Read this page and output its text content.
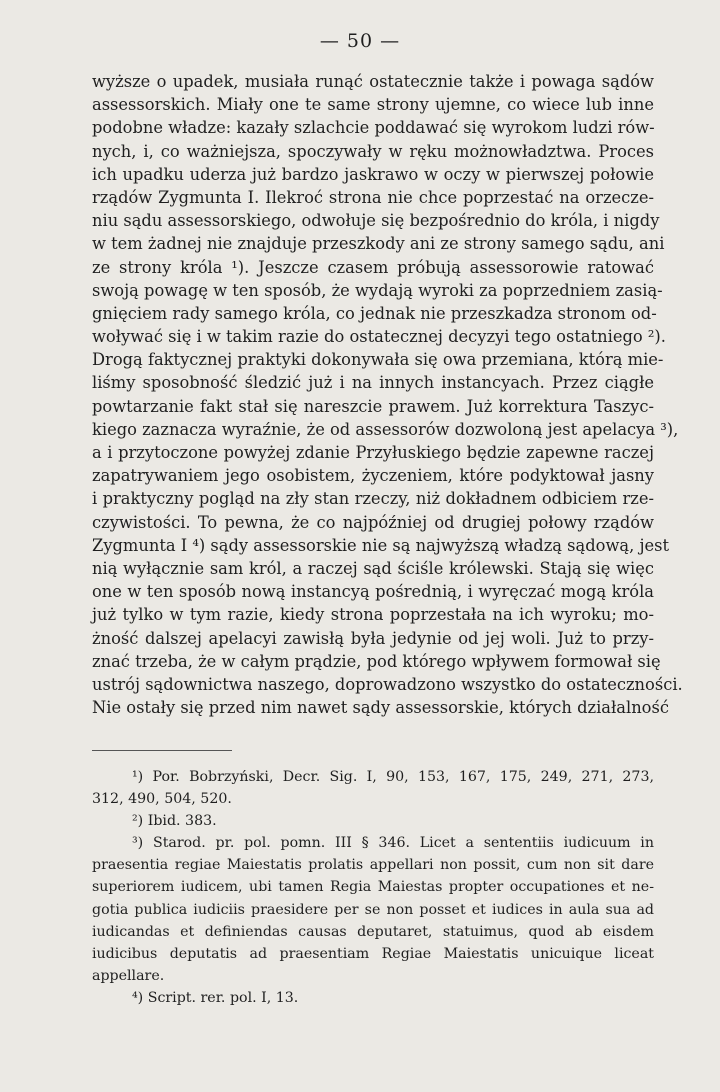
— 50 —
wyższe o upadek, musiała runąć ostatecznie także i powaga sądów
assessorskich. Miały one te same strony ujemne, co wiece lub inne
podobne władze: kazały szlachcie poddawać się wyrokom ludzi rów-
nych, i, co ważniejsza, spoczywały w ręku możnowładztwa. Proces
ich upadku uderza już bardzo jaskrawo w oczy w pierwszej połowie
rządów Zygmunta I. Ilekroć strona nie chce poprzestać na orzecze-
niu sądu assessorskiego, odwołuje się bezpośrednio do króla, i nigdy
w tem żadnej nie znajduje przeszkody ani ze strony samego sądu, ani
ze strony króla ¹). Jeszcze czasem próbują assessorowie ratować
swoją powagę w ten sposób, że wydają wyroki za poprzedniem zasią-
gnięciem rady samego króla, co jednak nie przeszkadza stronom od-
woływać się i w takim razie do ostatecznej decyzyi tego ostatniego ²).
Drogą faktycznej praktyki dokonywała się owa przemiana, którą mie-
liśmy sposobność śledzić już i na innych instancyach. Przez ciągłe
powtarzanie fakt stał się nareszcie prawem. Już korrektura Taszyc-
kiego zaznacza wyraźnie, że od assessorów dozwoloną jest apelacya ³),
a i przytoczone powyżej zdanie Przyłuskiego będzie zapewne raczej
zapatrywaniem jego osobistem, życzeniem, które podyktował jasny
i praktyczny pogląd na zły stan rzeczy, niż dokładnem odbiciem rze-
czywistości. To pewna, że co najpóźniej od drugiej połowy rządów
Zygmunta I ⁴) sądy assessorskie nie są najwyższą władzą sądową, jest
nią wyłącznie sam król, a raczej sąd ściśle królewski. Stają się więc
one w ten sposób nową instancyą pośrednią, i wyręczać mogą króla
już tylko w tym razie, kiedy strona poprzestała na ich wyroku; mo-
żność dalszej apelacyi zawisłą była jedynie od jej woli. Już to przy-
znać trzeba, że w całym prądzie, pod którego wpływem formował się
ustrój sądownictwa naszego, doprowadzono wszystko do ostateczności.
Nie ostały się przed nim nawet sądy assessorskie, których działalność
¹) Por. Bobrzyński, Decr. Sig. I, 90, 153, 167, 175, 249, 271, 273,
312, 490, 504, 520.
²) Ibid. 383.
³) Starod. pr. pol. pomn. III § 346. Licet a sententiis iudicuum in
praesentia regiae Maiestatis prolatis appellari non possit, cum non sit dare
superiorem iudicem, ubi tamen Regia Maiestas propter occupationes et ne-
gotia publica iudiciis praesidere per se non posset et iudices in aula sua ad
iudicandas et definiendas causas deputaret, statuimus, quod ab eisdem
iudicibus deputatis ad praesentiam Regiae Maiestatis unicuique liceat
appellare.
⁴) Script. rer. pol. I, 13.
